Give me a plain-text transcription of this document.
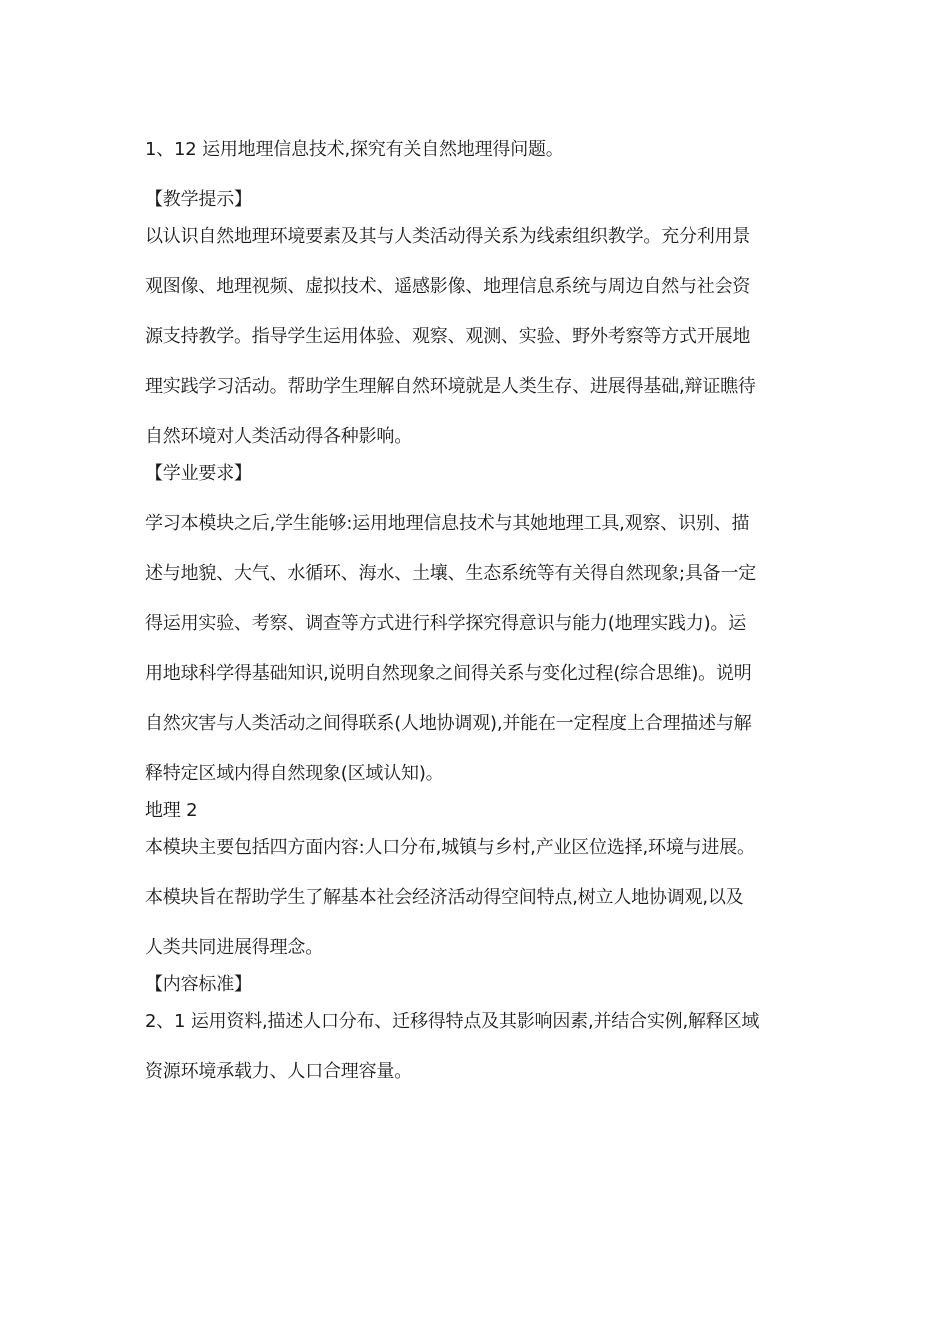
1、12 运用地理信息技术,探究有关自然地理得问题。
【教学提示】
以认识自然地理环境要素及其与人类活动得关系为线索组织教学。充分利用景
观图像、地理视频、虚拟技术、遥感影像、地理信息系统与周边自然与社会资
源支持教学。指导学生运用体验、观察、观测、实验、野外考察等方式开展地
理实践学习活动。帮助学生理解自然环境就是人类生存、进展得基础,辩证瞧待
自然环境对人类活动得各种影响。
【学业要求】
学习本模块之后,学生能够:运用地理信息技术与其她地理工具,观察、识别、描
述与地貌、大气、水循环、海水、土壤、生态系统等有关得自然现象;具备一定
得运用实验、考察、调查等方式进行科学探究得意识与能力(地理实践力)。运
用地球科学得基础知识,说明自然现象之间得关系与变化过程(综合思维)。说明
自然灾害与人类活动之间得联系(人地协调观),并能在一定程度上合理描述与解
释特定区域内得自然现象(区域认知)。
地理 2
本模块主要包括四方面内容:人口分布,城镇与乡村,产业区位选择,环境与进展。
本模块旨在帮助学生了解基本社会经济活动得空间特点,树立人地协调观,以及
人类共同进展得理念。
【内容标准】
2、1 运用资料,描述人口分布、迁移得特点及其影响因素,并结合实例,解释区域
资源环境承载力、人口合理容量。
